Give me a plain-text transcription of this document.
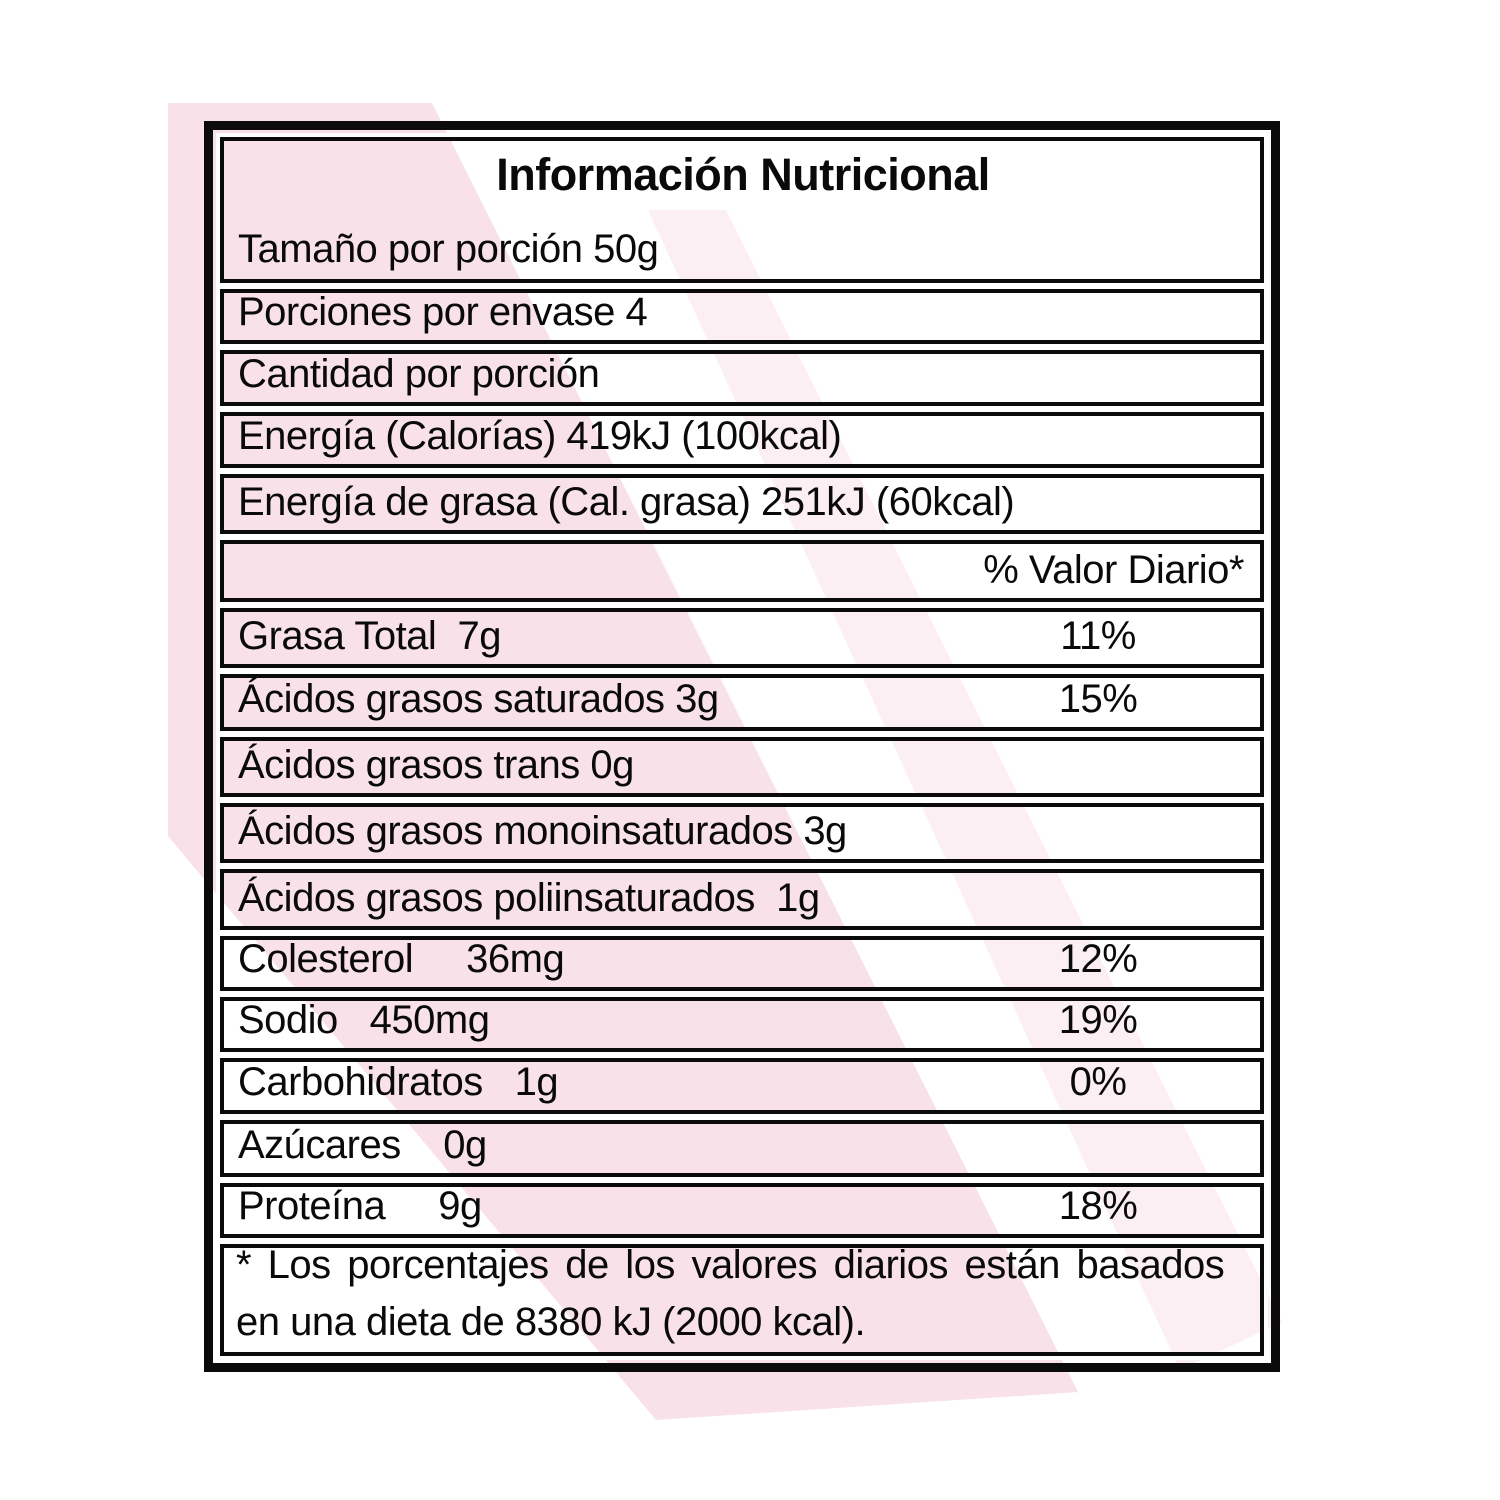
Información Nutricional
Tamaño por porción 50g
Porciones por envase 4
Cantidad por porción
Energía (Calorías) 419kJ (100kcal)
Energía de grasa (Cal. grasa) 251kJ (60kcal)
% Valor Diario*
Grasa Total  7g	11%
Ácidos grasos saturados 3g	15%
Ácidos grasos trans 0g
Ácidos grasos monoinsaturados 3g
Ácidos grasos poliinsaturados  1g
Colesterol     36mg	12%
Sodio   450mg	19%
Carbohidratos   1g	0%
Azúcares    0g
Proteína     9g	18%
* Los porcentajes de los valores diarios están basados
en una dieta de 8380 kJ (2000 kcal).
